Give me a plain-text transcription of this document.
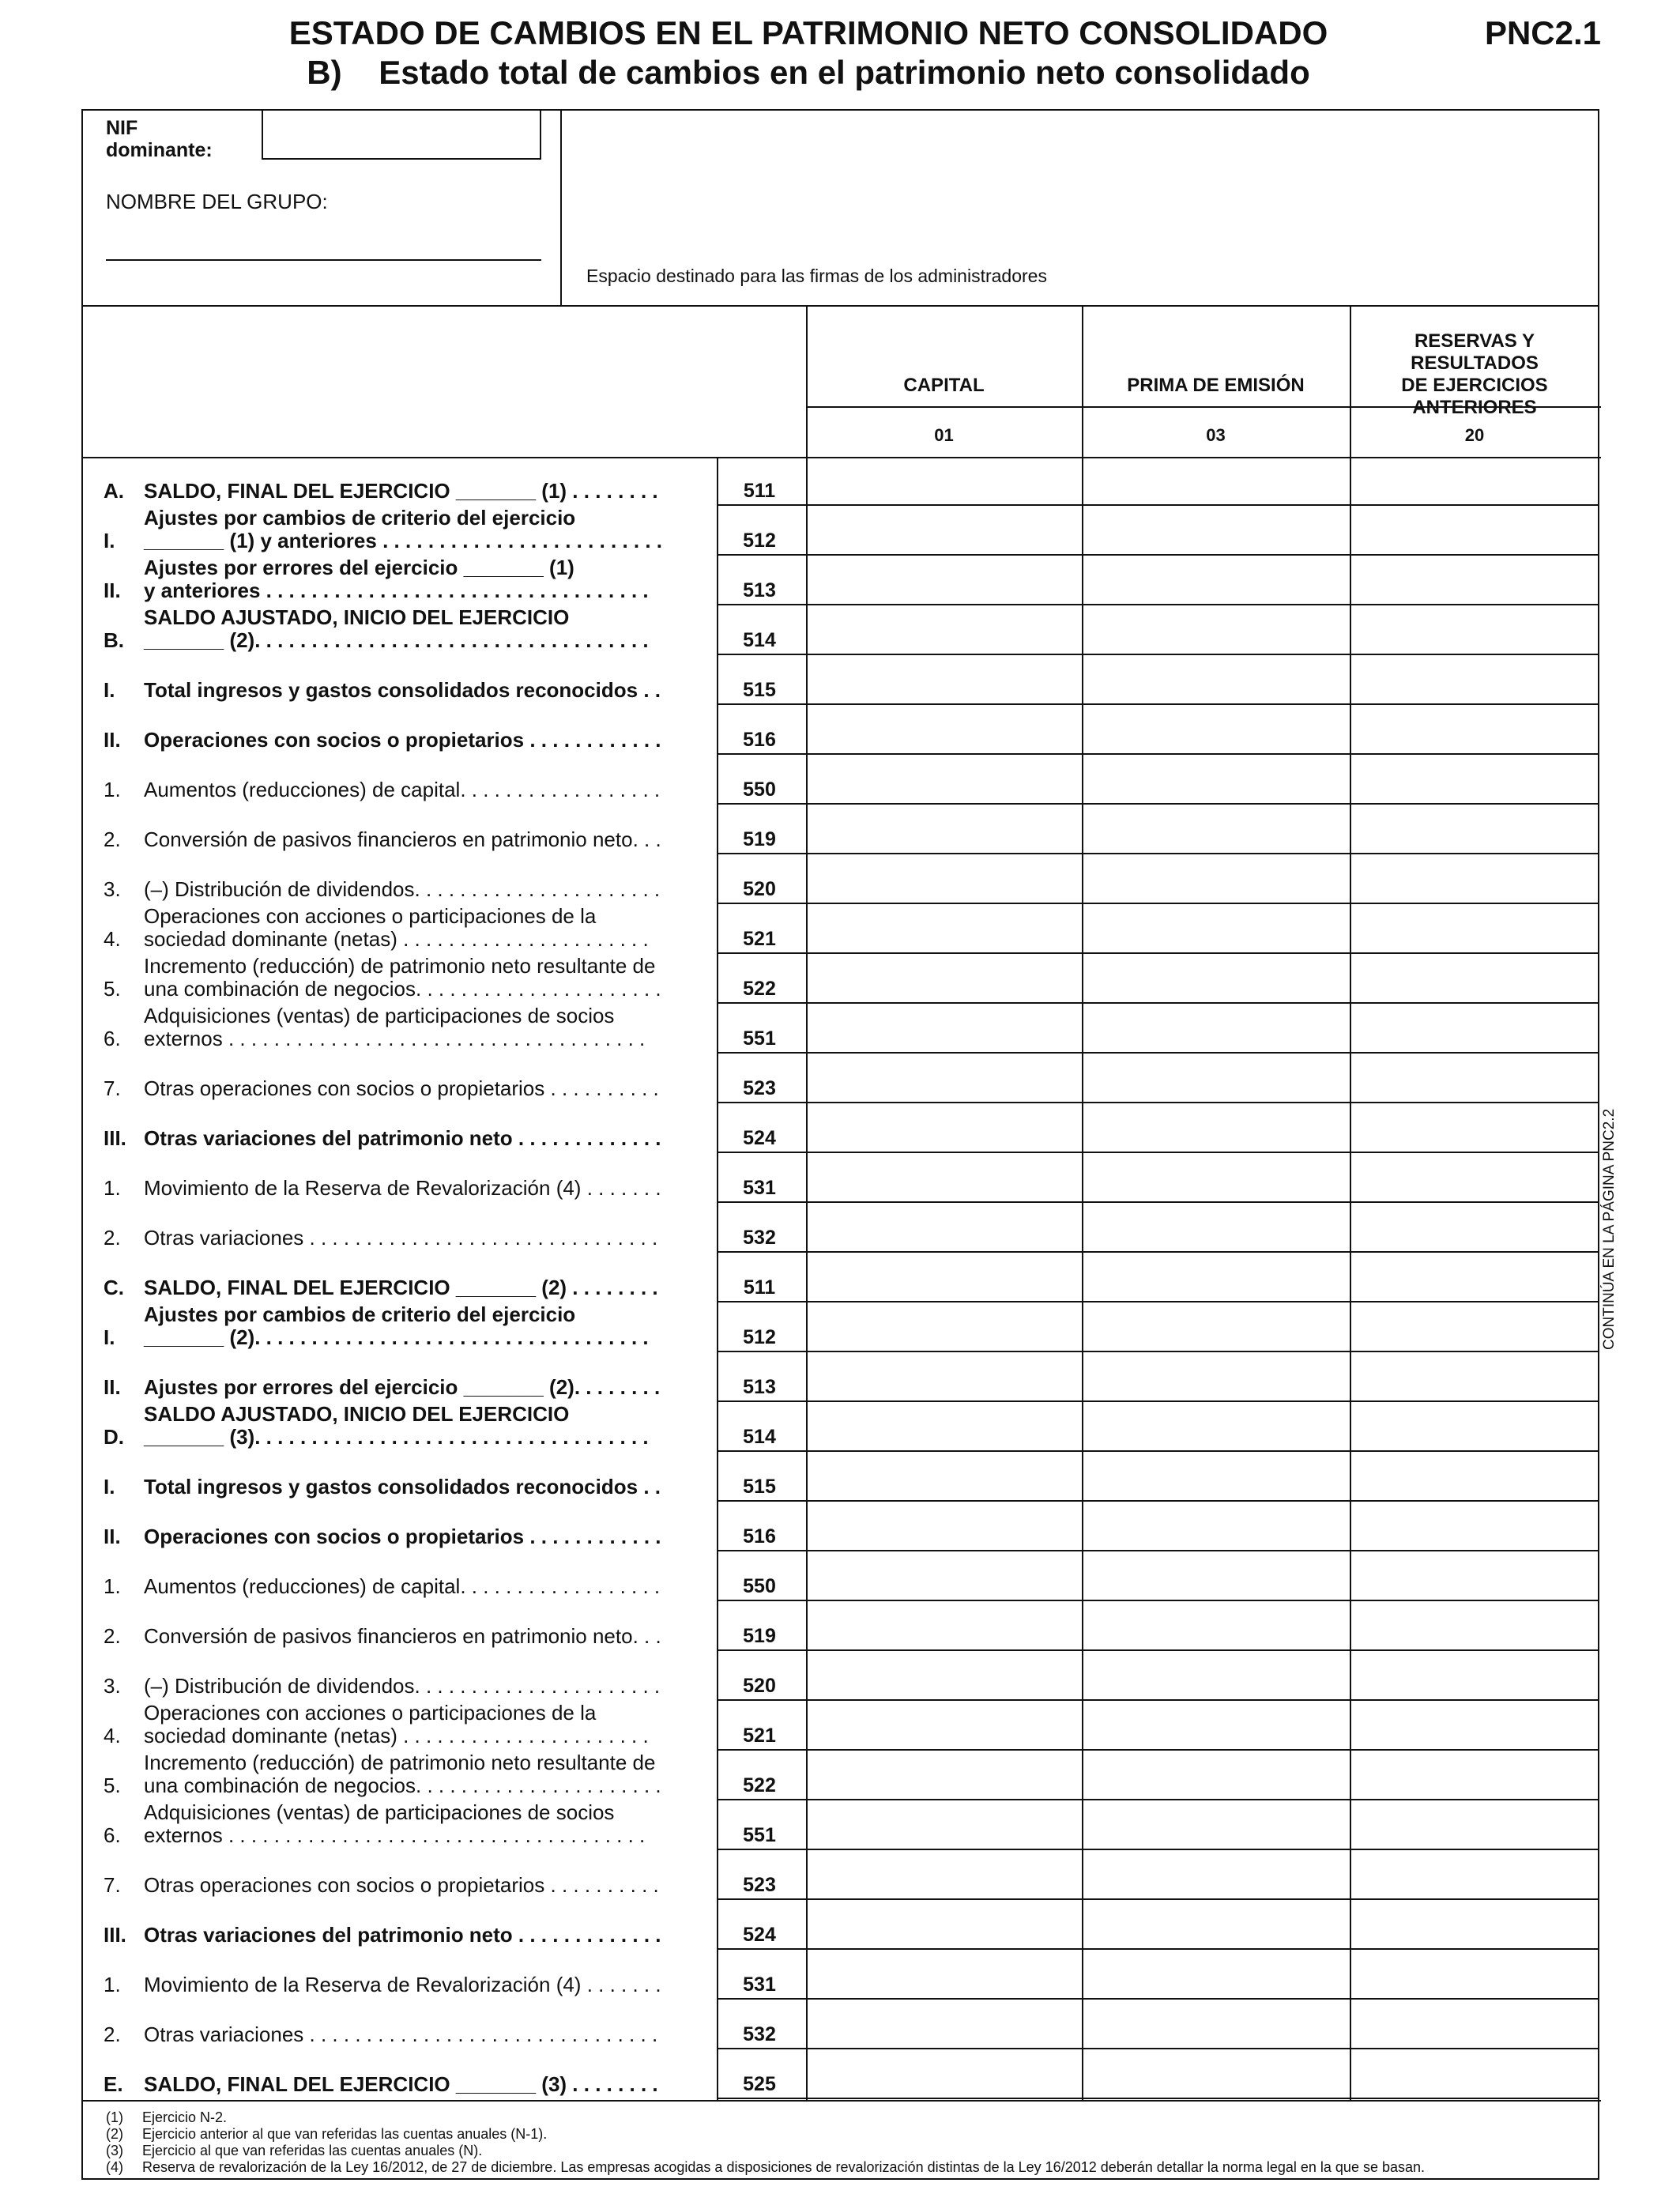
ESTADO DE CAMBIOS EN EL PATRIMONIO NETO CONSOLIDADO
B)    Estado total de cambios en el patrimonio neto consolidado
PNC2.1
NIF
dominante:
NOMBRE DEL GRUPO:
Espacio destinado para las firmas de los administradores
(1)	Ejercicio N-2.
(2)	Ejercicio anterior al que van referidas las cuentas anuales (N-1).
(3)	Ejercicio al que van referidas las cuentas anuales (N).
(4)	Reserva de revalorización de la Ley 16/2012, de 27 de diciembre. Las empresas acogidas a disposiciones de revalorización distintas de la Ley 16/2012 deberán detallar la norma legal en la que se basan.
CAPITAL
01
PRIMA DE EMISIÓN
03
RESERVAS Y RESULTADOS
DE EJERCICIOS
ANTERIORES
20
A. SALDO, FINAL DEL EJERCICIO _______ (1) . . . . . . . .	511
I.
Ajustes por cambios de criterio del ejercicio
_______ (1) y anteriores . . . . . . . . . . . . . . . . . . . . . . . . .	512
II.
Ajustes por errores del ejercicio _______ (1)
y anteriores . . . . . . . . . . . . . . . . . . . . . . . . . . . . . . . . . .	513
B.
SALDO AJUSTADO, INICIO DEL EJERCICIO
_______ (2). . . . . . . . . . . . . . . . . . . . . . . . . . . . . . . . . . .	514
I.	Total ingresos y gastos consolidados reconocidos . .	515
II.	Operaciones con socios o propietarios . . . . . . . . . . . .	516
1.	Aumentos (reducciones) de capital. . . . . . . . . . . . . . . . . .	550
2.	Conversión de pasivos financieros en patrimonio neto. . .	519
3.	(–) Distribución de dividendos. . . . . . . . . . . . . . . . . . . . . .	520
4.
Operaciones con acciones o participaciones de la
sociedad dominante (netas) . . . . . . . . . . . . . . . . . . . . . .	521
5.
Incremento (reducción) de patrimonio neto resultante de
una combinación de negocios. . . . . . . . . . . . . . . . . . . . . .	522
6.
Adquisiciones (ventas) de participaciones de socios
externos . . . . . . . . . . . . . . . . . . . . . . . . . . . . . . . . . . . . .	551
7.	Otras operaciones con socios o propietarios . . . . . . . . . .	523
III. Otras variaciones del patrimonio neto . . . . . . . . . . . . .	524
1.	Movimiento de la Reserva de Revalorización (4) . . . . . . .	531
2.	Otras variaciones . . . . . . . . . . . . . . . . . . . . . . . . . . . . . . .	532
C. SALDO, FINAL DEL EJERCICIO _______ (2) . . . . . . . .	511
I.
Ajustes por cambios de criterio del ejercicio
_______ (2). . . . . . . . . . . . . . . . . . . . . . . . . . . . . . . . . . .	512
II.	Ajustes por errores del ejercicio _______ (2). . . . . . . .	513
D.
SALDO AJUSTADO, INICIO DEL EJERCICIO
_______ (3). . . . . . . . . . . . . . . . . . . . . . . . . . . . . . . . . . .	514
I.	Total ingresos y gastos consolidados reconocidos . .	515
II.	Operaciones con socios o propietarios . . . . . . . . . . . .	516
1.	Aumentos (reducciones) de capital. . . . . . . . . . . . . . . . . .	550
2.	Conversión de pasivos financieros en patrimonio neto. . .	519
3.	(–) Distribución de dividendos. . . . . . . . . . . . . . . . . . . . . .	520
4.
Operaciones con acciones o participaciones de la
sociedad dominante (netas) . . . . . . . . . . . . . . . . . . . . . .	521
5.
Incremento (reducción) de patrimonio neto resultante de
una combinación de negocios. . . . . . . . . . . . . . . . . . . . . .	522
6.
Adquisiciones (ventas) de participaciones de socios
externos . . . . . . . . . . . . . . . . . . . . . . . . . . . . . . . . . . . . .	551
7.	Otras operaciones con socios o propietarios . . . . . . . . . .	523
III. Otras variaciones del patrimonio neto . . . . . . . . . . . . .	524
1.	Movimiento de la Reserva de Revalorización (4) . . . . . . .	531
2.	Otras variaciones . . . . . . . . . . . . . . . . . . . . . . . . . . . . . . .	532
E.	SALDO, FINAL DEL EJERCICIO _______ (3) . . . . . . . .	525
CONTINÚA EN LA PÁGINA PNC2.2
